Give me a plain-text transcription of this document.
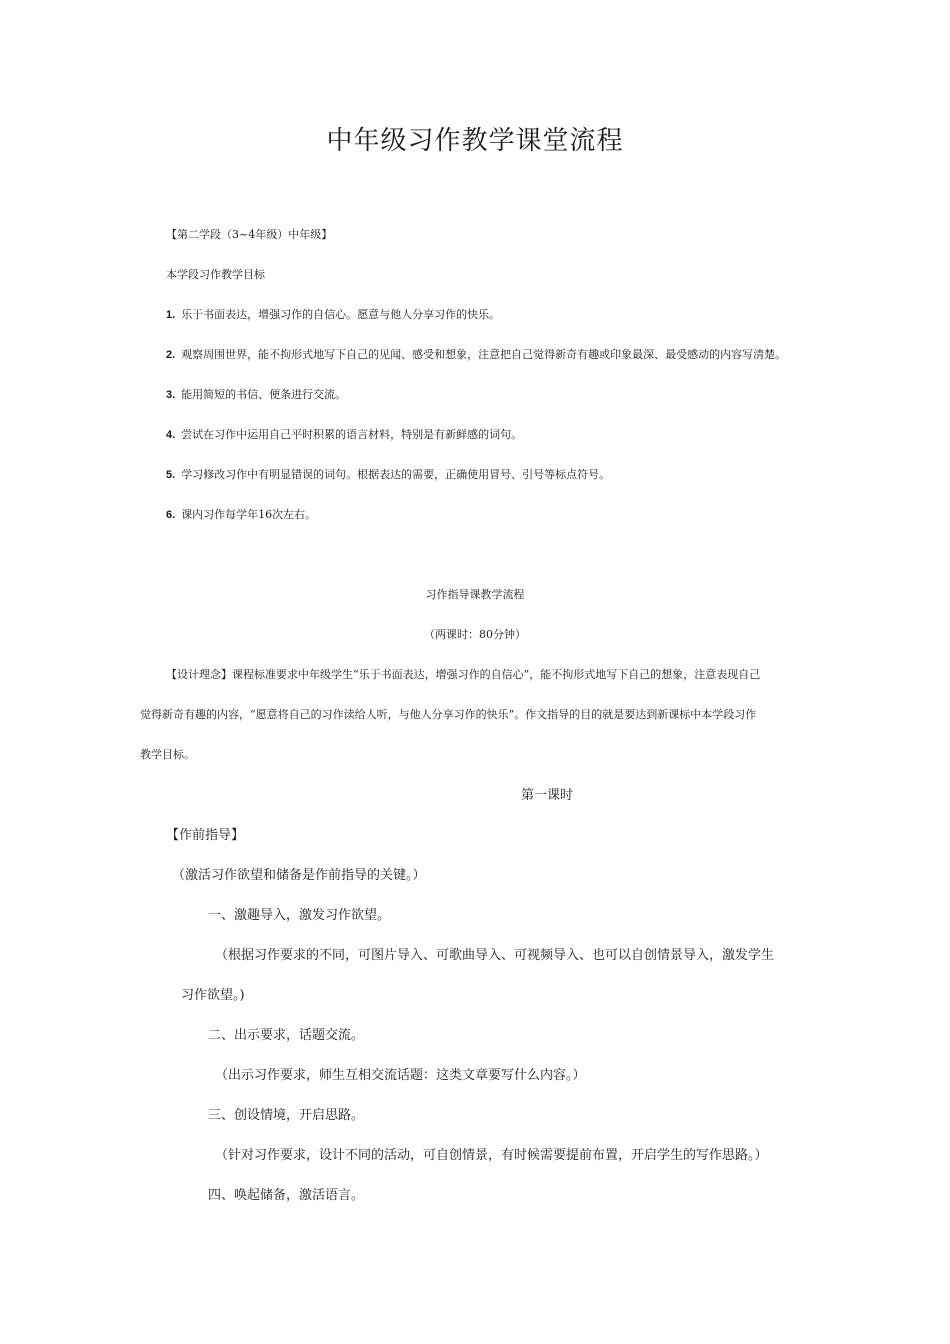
中年级习作教学课堂流程
【第二学段（3~4年级）中年级】
本学段习作教学目标
1. 乐于书面表达，增强习作的自信心。愿意与他人分享习作的快乐。
2. 观察周围世界，能不拘形式地写下自己的见闻、感受和想象，注意把自己觉得新奇有趣或印象最深、最受感动的内容写清楚。
3. 能用简短的书信、便条进行交流。
4. 尝试在习作中运用自己平时积累的语言材料，特别是有新鲜感的词句。
5. 学习修改习作中有明显错误的词句。根据表达的需要，正确使用冒号、引号等标点符号。
6. 课内习作每学年16次左右。
习作指导课教学流程
（两课时：80分钟）
【设计理念】课程标准要求中年级学生“乐于书面表达，增强习作的自信心”，能不拘形式地写下自己的想象，注意表现自己
觉得新奇有趣的内容，“愿意将自己的习作读给人听，与他人分享习作的快乐”。作文指导的目的就是要达到新课标中本学段习作
教学目标。
第一课时
【作前指导】
（激活习作欲望和储备是作前指导的关键。）
一、激趣导入，激发习作欲望。
（根据习作要求的不同，可图片导入、可歌曲导入、可视频导入、也可以自创情景导入，激发学生
习作欲望。)
二、出示要求，话题交流。
（出示习作要求，师生互相交流话题：这类文章要写什么内容。）
三、创设情境，开启思路。
（针对习作要求，设计不同的活动，可自创情景，有时候需要提前布置，开启学生的写作思路。）
四、唤起储备，激活语言。
